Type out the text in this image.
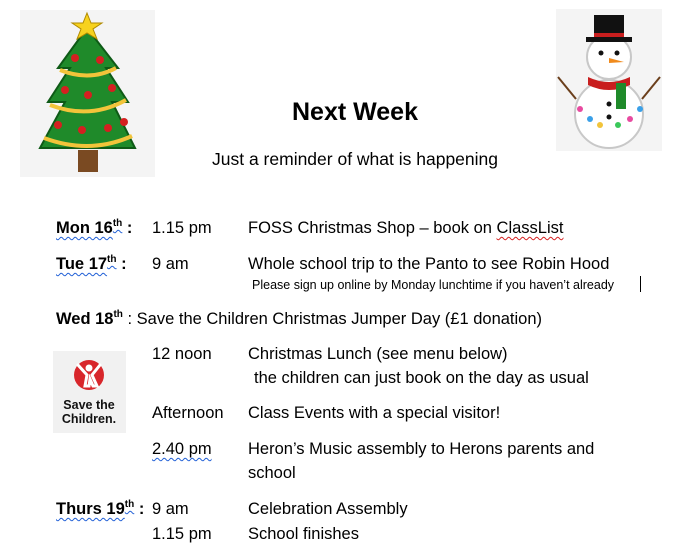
Next Week
Just a reminder of what is happening
Mon 16th : 1.15 pm FOSS Christmas Shop – book on ClassList
Tue 17th : 9 am	Whole school trip to the Panto to see Robin Hood
Please sign up online by Monday lunchtime if you haven’t already
Wed 18th : Save the Children Christmas Jumper Day (£1 donation)
Save the
Children.
12 noon Christmas Lunch (see menu below)
the children can just book on the day as usual
Afternoon Class Events with a special visitor!
2.40 pm Heron’s Music assembly to Herons parents and
school
Thurs 19th : 9 am	Celebration Assembly
1.15 pm School finishes
